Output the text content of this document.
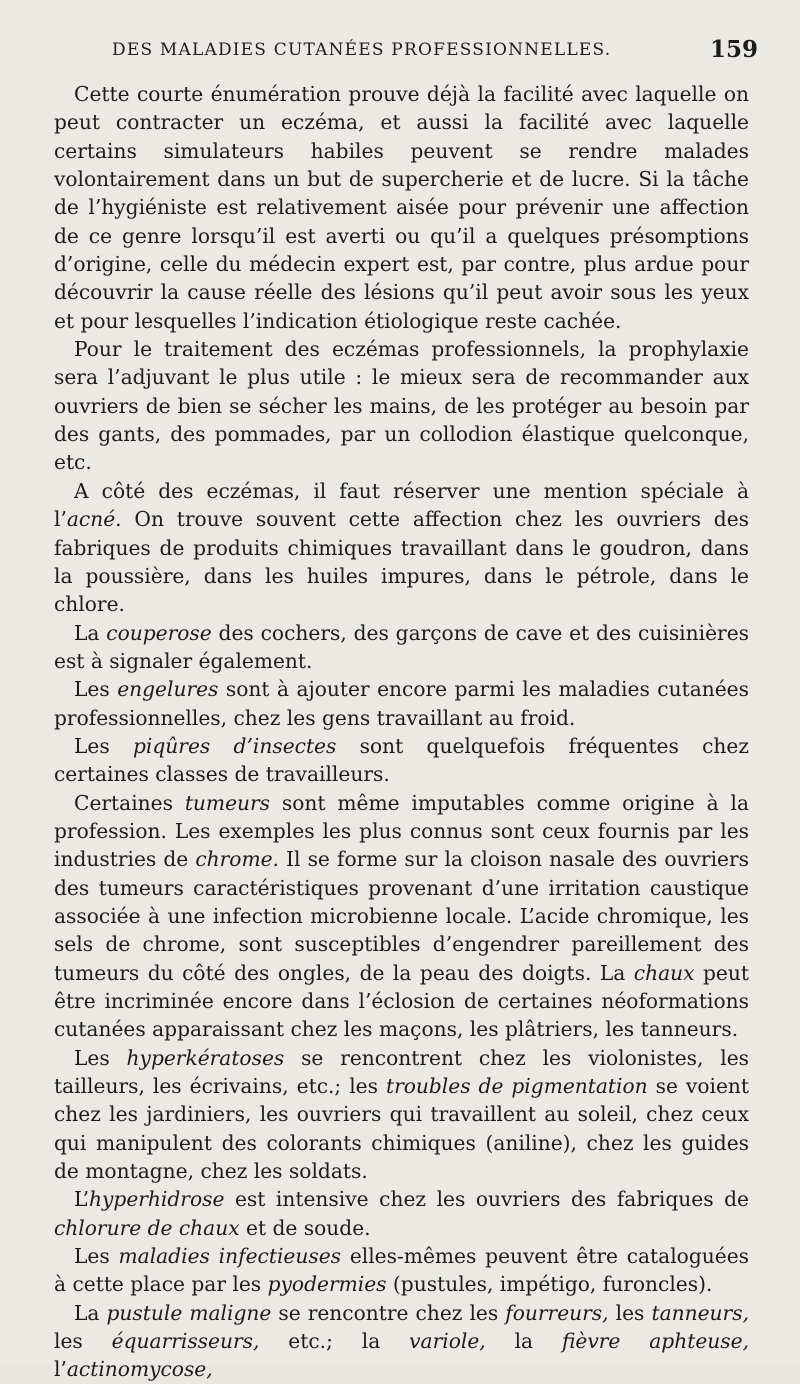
DES MALADIES CUTANÉES PROFESSIONNELLES.	159

Cette courte énumération prouve déjà la facilité avec laquelle on peut contracter un eczéma, et aussi la facilité avec laquelle certains simulateurs habiles peuvent se rendre malades volontairement dans un but de supercherie et de lucre. Si la tâche de l’hygiéniste est relativement aisée pour prévenir une affection de ce genre lorsqu’il est averti ou qu’il a quelques présomptions d’origine, celle du médecin expert est, par contre, plus ardue pour découvrir la cause réelle des lésions qu’il peut avoir sous les yeux et pour lesquelles l’indication étiologique reste cachée.

Pour le traitement des eczémas professionnels, la prophylaxie sera l’adjuvant le plus utile : le mieux sera de recommander aux ouvriers de bien se sécher les mains, de les protéger au besoin par des gants, des pommades, par un collodion élastique quelconque, etc.

A côté des eczémas, il faut réserver une mention spéciale à l’acné. On trouve souvent cette affection chez les ouvriers des fabriques de produits chimiques travaillant dans le goudron, dans la poussière, dans les huiles impures, dans le pétrole, dans le chlore.

La couperose des cochers, des garçons de cave et des cuisinières est à signaler également.

Les engelures sont à ajouter encore parmi les maladies cutanées professionnelles, chez les gens travaillant au froid.

Les piqûres d’insectes sont quelquefois fréquentes chez certaines classes de travailleurs.

Certaines tumeurs sont même imputables comme origine à la profession. Les exemples les plus connus sont ceux fournis par les industries de chrome. Il se forme sur la cloison nasale des ouvriers des tumeurs caractéristiques provenant d’une irritation caustique associée à une infection microbienne locale. L’acide chromique, les sels de chrome, sont susceptibles d’engendrer pareillement des tumeurs du côté des ongles, de la peau des doigts. La chaux peut être incriminée encore dans l’éclosion de certaines néoformations cutanées apparaissant chez les maçons, les plâtriers, les tanneurs.

Les hyperkératoses se rencontrent chez les violonistes, les tailleurs, les écrivains, etc.; les troubles de pigmentation se voient chez les jardiniers, les ouvriers qui travaillent au soleil, chez ceux qui manipulent des colorants chimiques (aniline), chez les guides de montagne, chez les soldats.

L’hyperhidrose est intensive chez les ouvriers des fabriques de chlorure de chaux et de soude.

Les maladies infectieuses elles-mêmes peuvent être cataloguées à cette place par les pyodermies (pustules, impétigo, furoncles).

La pustule maligne se rencontre chez les fourreurs, les tanneurs, les équarrisseurs, etc.; la variole, la fièvre aphteuse, l’actinomycose,
